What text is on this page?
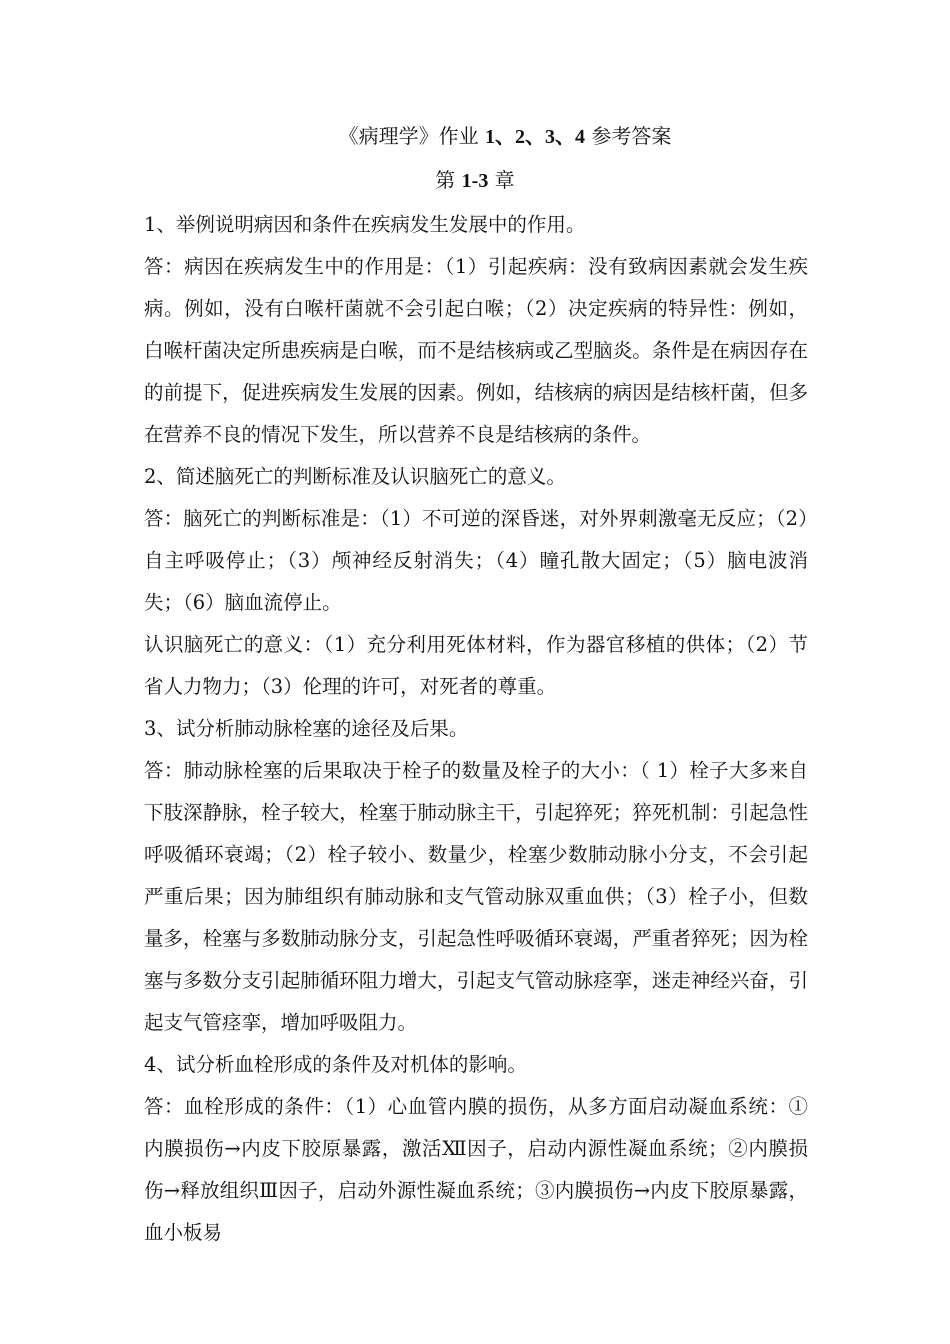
《病理学》作业 1、2、3、4 参考答案
第 1-3 章

1、举例说明病因和条件在疾病发生发展中的作用。

答：病因在疾病发生中的作用是：（1）引起疾病：没有致病因素就会发生疾病。例如，没有白喉杆菌就不会引起白喉；（2）决定疾病的特异性：例如，白喉杆菌决定所患疾病是白喉，而不是结核病或乙型脑炎。条件是在病因存在的前提下，促进疾病发生发展的因素。例如，结核病的病因是结核杆菌，但多在营养不良的情况下发生，所以营养不良是结核病的条件。

2、简述脑死亡的判断标准及认识脑死亡的意义。

答：脑死亡的判断标准是：（1）不可逆的深昏迷，对外界刺激毫无反应；（2）自主呼吸停止；（3）颅神经反射消失；（4）瞳孔散大固定；（5）脑电波消失；（6）脑血流停止。

认识脑死亡的意义：（1）充分利用死体材料，作为器官移植的供体；（2）节省人力物力；（3）伦理的许可，对死者的尊重。

3、试分析肺动脉栓塞的途径及后果。

答：肺动脉栓塞的后果取决于栓子的数量及栓子的大小：（ 1）栓子大多来自下肢深静脉，栓子较大，栓塞于肺动脉主干，引起猝死；猝死机制：引起急性呼吸循环衰竭；（2）栓子较小、数量少，栓塞少数肺动脉小分支，不会引起严重后果；因为肺组织有肺动脉和支气管动脉双重血供；（3）栓子小，但数量多，栓塞与多数肺动脉分支，引起急性呼吸循环衰竭，严重者猝死；因为栓塞与多数分支引起肺循环阻力增大，引起支气管动脉痉挛，迷走神经兴奋，引起支气管痉挛，增加呼吸阻力。

4、试分析血栓形成的条件及对机体的影响。

答：血栓形成的条件：（1）心血管内膜的损伤，从多方面启动凝血系统：①内膜损伤→内皮下胶原暴露，激活Ⅻ因子，启动内源性凝血系统；②内膜损伤→释放组织Ⅲ因子，启动外源性凝血系统；③内膜损伤→内皮下胶原暴露，血小板易
